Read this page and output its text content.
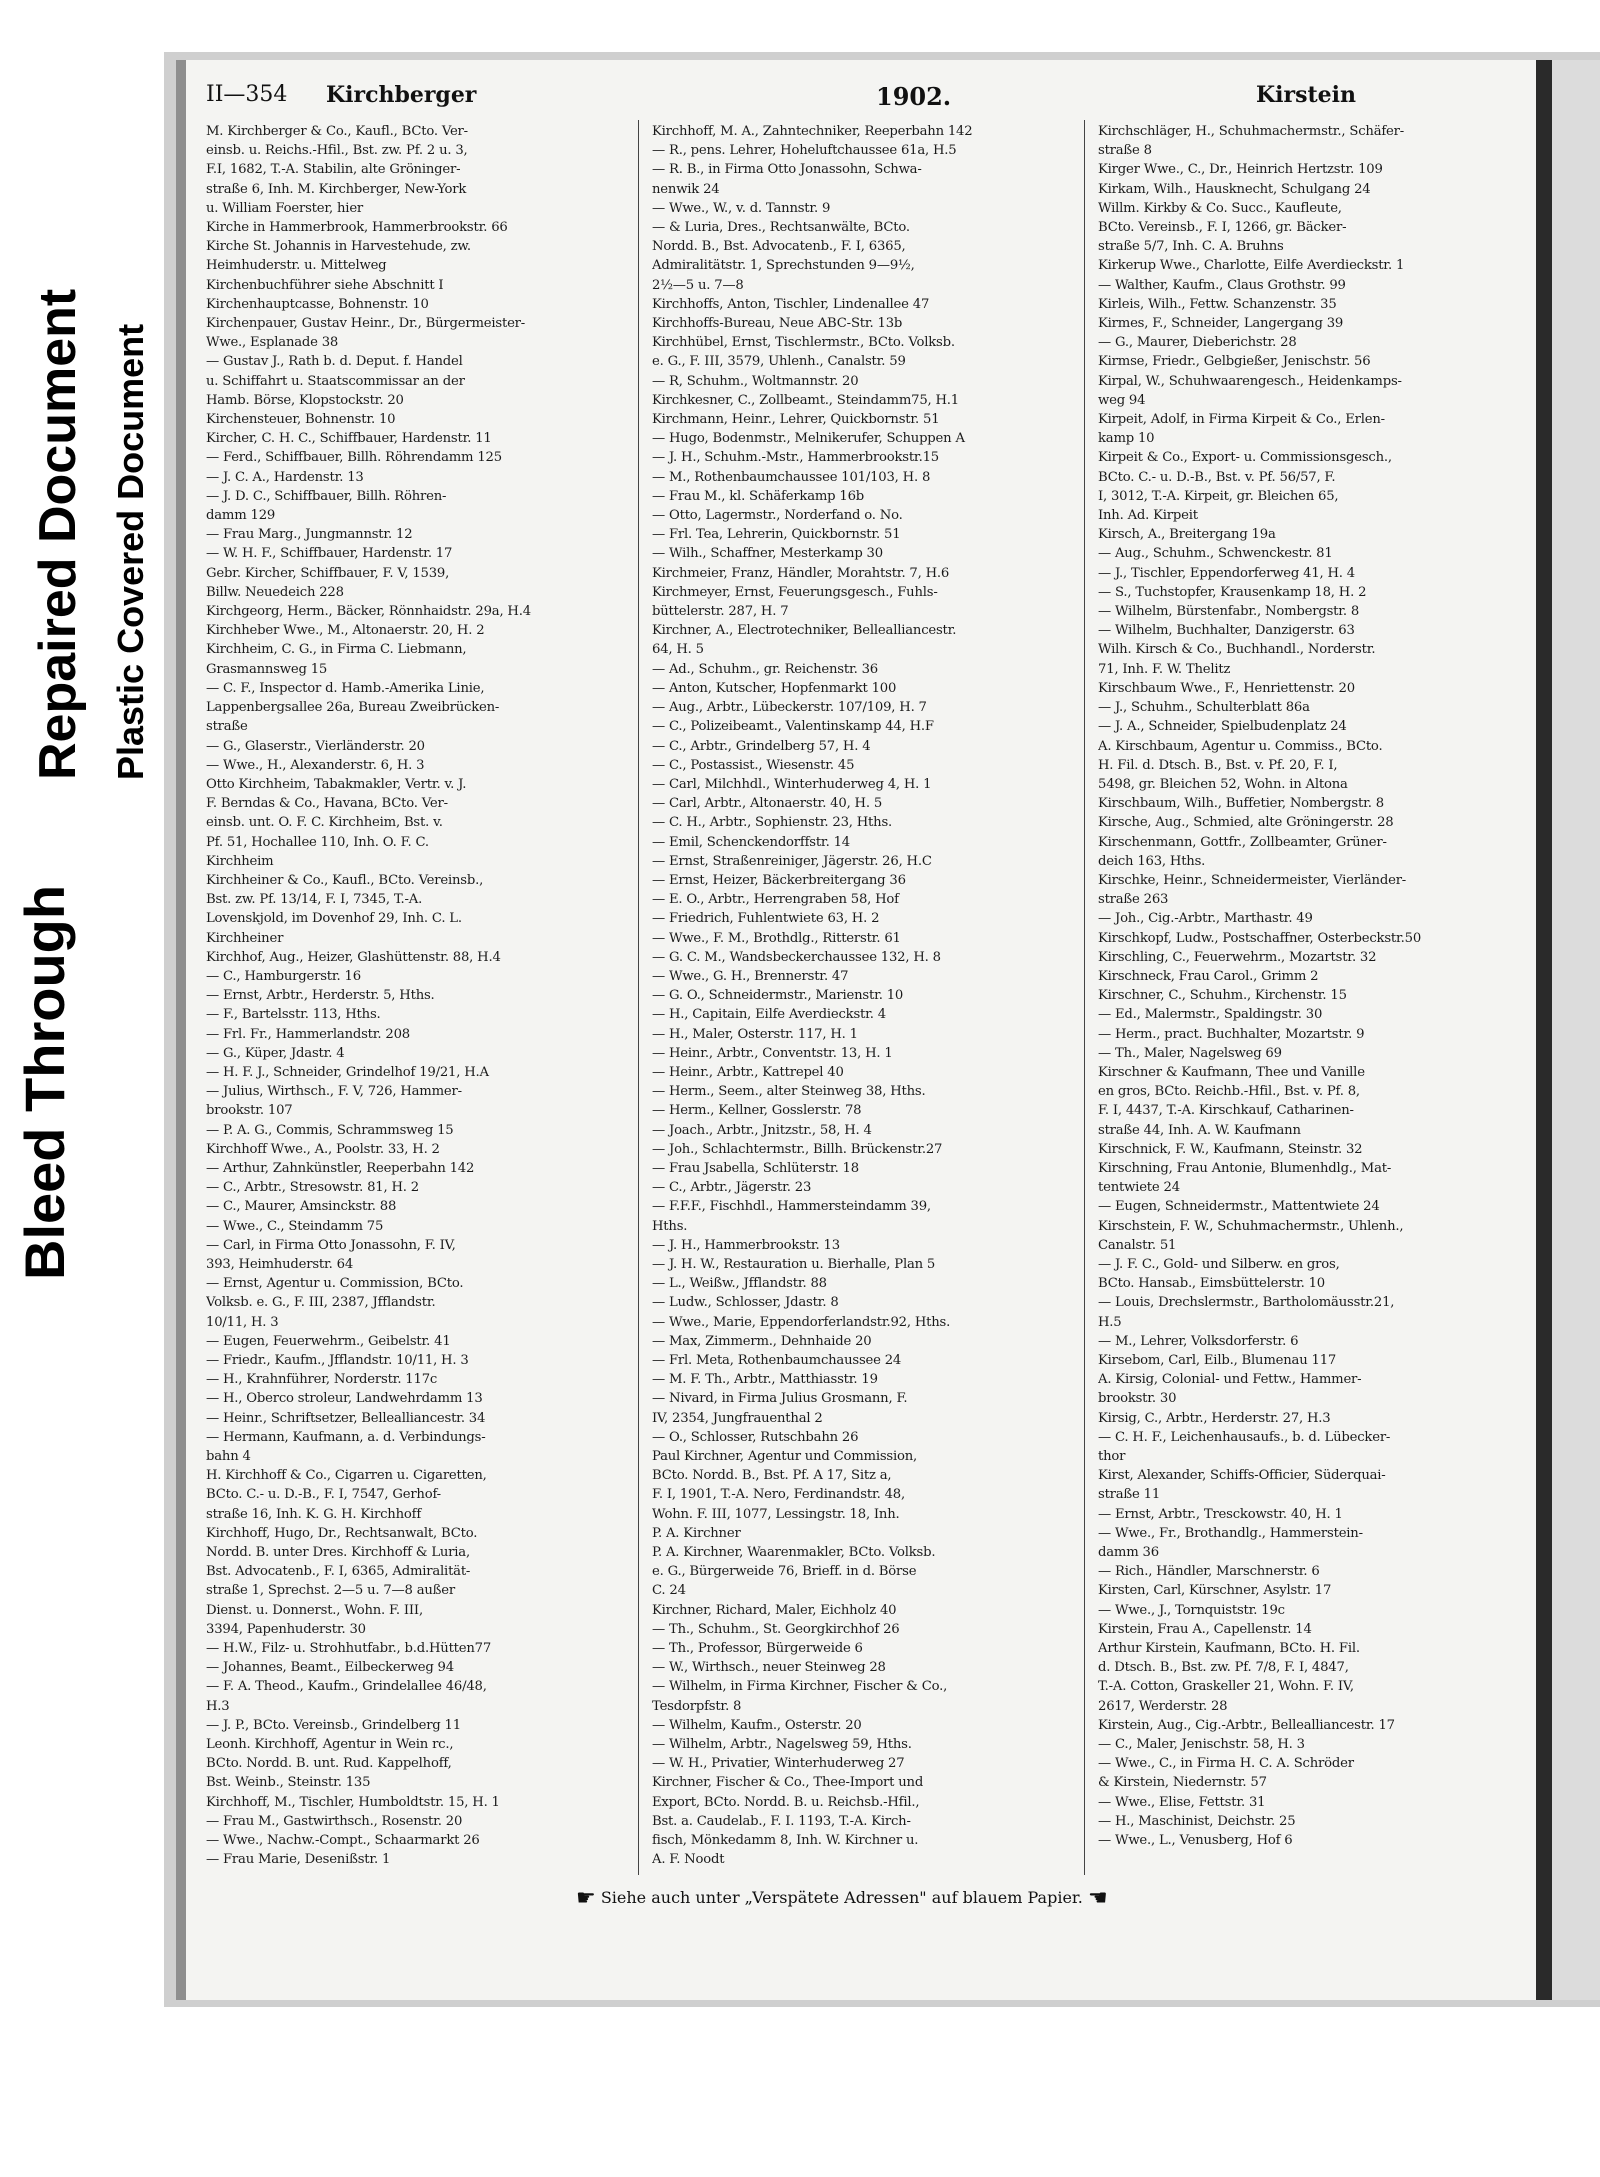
Bleed Through
Repaired Document Plastic Covered Document
II—354 Kirchberger	1902.	Kirstein
M. Kirchberger & Co., Kaufl., BCto. Ver-
einsb. u. Reichs.-Hfil., Bst. zw. Pf. 2 u. 3,
F.I, 1682, T.-A. Stabilin, alte Gröninger-
straße 6, Inh. M. Kirchberger, New-York
u. William Foerster, hier
Kirche in Hammerbrook, Hammerbrookstr. 66
Kirche St. Johannis in Harvestehude, zw.
Heimhuderstr. u. Mittelweg
Kirchenbuchführer siehe Abschnitt I
Kirchenhauptcasse, Bohnenstr. 10
Kirchenpauer, Gustav Heinr., Dr., Bürgermeister-
Wwe., Esplanade 38
— Gustav J., Rath b. d. Deput. f. Handel
u. Schiffahrt u. Staatscommissar an der
Hamb. Börse, Klopstockstr. 20
Kirchensteuer, Bohnenstr. 10
Kircher, C. H. C., Schiffbauer, Hardenstr. 11
— Ferd., Schiffbauer, Billh. Röhrendamm 125
— J. C. A., Hardenstr. 13
— J. D. C., Schiffbauer, Billh. Röhren-
damm 129
— Frau Marg., Jungmannstr. 12
— W. H. F., Schiffbauer, Hardenstr. 17
Gebr. Kircher, Schiffbauer, F. V, 1539,
Billw. Neuedeich 228
Kirchgeorg, Herm., Bäcker, Rönnhaidstr. 29a, H.4
Kirchheber Wwe., M., Altonaerstr. 20, H. 2
Kirchheim, C. G., in Firma C. Liebmann,
Grasmannsweg 15
— C. F., Inspector d. Hamb.-Amerika Linie,
Lappenbergsallee 26a, Bureau Zweibrücken-
straße
— G., Glaserstr., Vierländerstr. 20
— Wwe., H., Alexanderstr. 6, H. 3
Otto Kirchheim, Tabakmakler, Vertr. v. J.
F. Berndas & Co., Havana, BCto. Ver-
einsb. unt. O. F. C. Kirchheim, Bst. v.
Pf. 51, Hochallee 110, Inh. O. F. C.
Kirchheim
Kirchheiner & Co., Kaufl., BCto. Vereinsb.,
Bst. zw. Pf. 13/14, F. I, 7345, T.-A.
Lovenskjold, im Dovenhof 29, Inh. C. L.
Kirchheiner
Kirchhof, Aug., Heizer, Glashüttenstr. 88, H.4
— C., Hamburgerstr. 16
— Ernst, Arbtr., Herderstr. 5, Hths.
— F., Bartelsstr. 113, Hths.
— Frl. Fr., Hammerlandstr. 208
— G., Küper, Jdastr. 4
— H. F. J., Schneider, Grindelhof 19/21, H.A
— Julius, Wirthsch., F. V, 726, Hammer-
brookstr. 107
— P. A. G., Commis, Schrammsweg 15
Kirchhoff Wwe., A., Poolstr. 33, H. 2
— Arthur, Zahnkünstler, Reeperbahn 142
— C., Arbtr., Stresowstr. 81, H. 2
— C., Maurer, Amsinckstr. 88
— Wwe., C., Steindamm 75
— Carl, in Firma Otto Jonassohn, F. IV,
393, Heimhuderstr. 64
— Ernst, Agentur u. Commission, BCto.
Volksb. e. G., F. III, 2387, Jfflandstr.
10/11, H. 3
— Eugen, Feuerwehrm., Geibelstr. 41
— Friedr., Kaufm., Jfflandstr. 10/11, H. 3
— H., Krahnführer, Norderstr. 117c
— H., Oberco stroleur, Landwehrdamm 13
— Heinr., Schriftsetzer, Bellealliancestr. 34
— Hermann, Kaufmann, a. d. Verbindungs-
bahn 4
H. Kirchhoff & Co., Cigarren u. Cigaretten,
BCto. C.- u. D.-B., F. I, 7547, Gerhof-
straße 16, Inh. K. G. H. Kirchhoff
Kirchhoff, Hugo, Dr., Rechtsanwalt, BCto.
Nordd. B. unter Dres. Kirchhoff & Luria,
Bst. Advocatenb., F. I, 6365, Admiralität-
straße 1, Sprechst. 2—5 u. 7—8 außer
Dienst. u. Donnerst., Wohn. F. III,
3394, Papenhuderstr. 30
— H.W., Filz- u. Strohhutfabr., b.d.Hütten77
— Johannes, Beamt., Eilbeckerweg 94
— F. A. Theod., Kaufm., Grindelallee 46/48,
H.3
— J. P., BCto. Vereinsb., Grindelberg 11
Leonh. Kirchhoff, Agentur in Wein rc.,
BCto. Nordd. B. unt. Rud. Kappelhoff,
Bst. Weinb., Steinstr. 135
Kirchhoff, M., Tischler, Humboldtstr. 15, H. 1
— Frau M., Gastwirthsch., Rosenstr. 20
— Wwe., Nachw.-Compt., Schaarmarkt 26
— Frau Marie, Desenißstr. 1
Kirchhoff, M. A., Zahntechniker, Reeperbahn 142
— R., pens. Lehrer, Hoheluftchaussee 61a, H.5
— R. B., in Firma Otto Jonassohn, Schwa-
nenwik 24
— Wwe., W., v. d. Tannstr. 9
— & Luria, Dres., Rechtsanwälte, BCto.
Nordd. B., Bst. Advocatenb., F. I, 6365,
Admiralitätstr. 1, Sprechstunden 9—9½,
2½—5 u. 7—8
Kirchhoffs, Anton, Tischler, Lindenallee 47
Kirchhoffs-Bureau, Neue ABC-Str. 13b
Kirchhübel, Ernst, Tischlermstr., BCto. Volksb.
e. G., F. III, 3579, Uhlenh., Canalstr. 59
— R, Schuhm., Woltmannstr. 20
Kirchkesner, C., Zollbeamt., Steindamm75, H.1
Kirchmann, Heinr., Lehrer, Quickbornstr. 51
— Hugo, Bodenmstr., Melnikerufer, Schuppen A
— J. H., Schuhm.-Mstr., Hammerbrookstr.15
— M., Rothenbaumchaussee 101/103, H. 8
— Frau M., kl. Schäferkamp 16b
— Otto, Lagermstr., Norderfand o. No.
— Frl. Tea, Lehrerin, Quickbornstr. 51
— Wilh., Schaffner, Mesterkamp 30
Kirchmeier, Franz, Händler, Morahtstr. 7, H.6
Kirchmeyer, Ernst, Feuerungsgesch., Fuhls-
büttelerstr. 287, H. 7
Kirchner, A., Electrotechniker, Bellealliancestr.
64, H. 5
— Ad., Schuhm., gr. Reichenstr. 36
— Anton, Kutscher, Hopfenmarkt 100
— Aug., Arbtr., Lübeckerstr. 107/109, H. 7
— C., Polizeibeamt., Valentinskamp 44, H.F
— C., Arbtr., Grindelberg 57, H. 4
— C., Postassist., Wiesenstr. 45
— Carl, Milchhdl., Winterhuderweg 4, H. 1
— Carl, Arbtr., Altonaerstr. 40, H. 5
— C. H., Arbtr., Sophienstr. 23, Hths.
— Emil, Schenckendorffstr. 14
— Ernst, Straßenreiniger, Jägerstr. 26, H.C
— Ernst, Heizer, Bäckerbreitergang 36
— E. O., Arbtr., Herrengraben 58, Hof
— Friedrich, Fuhlentwiete 63, H. 2
— Wwe., F. M., Brothdlg., Ritterstr. 61
— G. C. M., Wandsbeckerchaussee 132, H. 8
— Wwe., G. H., Brennerstr. 47
— G. O., Schneidermstr., Marienstr. 10
— H., Capitain, Eilfe Averdieckstr. 4
— H., Maler, Osterstr. 117, H. 1
— Heinr., Arbtr., Conventstr. 13, H. 1
— Heinr., Arbtr., Kattrepel 40
— Herm., Seem., alter Steinweg 38, Hths.
— Herm., Kellner, Gosslerstr. 78
— Joach., Arbtr., Jnitzstr., 58, H. 4
— Joh., Schlachtermstr., Billh. Brückenstr.27
— Frau Jsabella, Schlüterstr. 18
— C., Arbtr., Jägerstr. 23
— F.F.F., Fischhdl., Hammersteindamm 39,
Hths.
— J. H., Hammerbrookstr. 13
— J. H. W., Restauration u. Bierhalle, Plan 5
— L., Weißw., Jfflandstr. 88
— Ludw., Schlosser, Jdastr. 8
— Wwe., Marie, Eppendorferlandstr.92, Hths.
— Max, Zimmerm., Dehnhaide 20
— Frl. Meta, Rothenbaumchaussee 24
— M. F. Th., Arbtr., Matthiasstr. 19
— Nivard, in Firma Julius Grosmann, F.
IV, 2354, Jungfrauenthal 2
— O., Schlosser, Rutschbahn 26
Paul Kirchner, Agentur und Commission,
BCto. Nordd. B., Bst. Pf. A 17, Sitz a,
F. I, 1901, T.-A. Nero, Ferdinandstr. 48,
Wohn. F. III, 1077, Lessingstr. 18, Inh.
P. A. Kirchner
P. A. Kirchner, Waarenmakler, BCto. Volksb.
e. G., Bürgerweide 76, Brieff. in d. Börse
C. 24
Kirchner, Richard, Maler, Eichholz 40
— Th., Schuhm., St. Georgkirchhof 26
— Th., Professor, Bürgerweide 6
— W., Wirthsch., neuer Steinweg 28
— Wilhelm, in Firma Kirchner, Fischer & Co.,
Tesdorpfstr. 8
— Wilhelm, Kaufm., Osterstr. 20
— Wilhelm, Arbtr., Nagelsweg 59, Hths.
— W. H., Privatier, Winterhuderweg 27
Kirchner, Fischer & Co., Thee-Import und
Export, BCto. Nordd. B. u. Reichsb.-Hfil.,
Bst. a. Caudelab., F. I. 1193, T.-A. Kirch-
fisch, Mönkedamm 8, Inh. W. Kirchner u.
A. F. Noodt
Kirchschläger, H., Schuhmachermstr., Schäfer-
straße 8
Kirger Wwe., C., Dr., Heinrich Hertzstr. 109
Kirkam, Wilh., Hausknecht, Schulgang 24
Willm. Kirkby & Co. Succ., Kaufleute,
BCto. Vereinsb., F. I, 1266, gr. Bäcker-
straße 5/7, Inh. C. A. Bruhns
Kirkerup Wwe., Charlotte, Eilfe Averdieckstr. 1
— Walther, Kaufm., Claus Grothstr. 99
Kirleis, Wilh., Fettw. Schanzenstr. 35
Kirmes, F., Schneider, Langergang 39
— G., Maurer, Dieberichstr. 28
Kirmse, Friedr., Gelbgießer, Jenischstr. 56
Kirpal, W., Schuhwaarengesch., Heidenkamps-
weg 94
Kirpeit, Adolf, in Firma Kirpeit & Co., Erlen-
kamp 10
Kirpeit & Co., Export- u. Commissionsgesch.,
BCto. C.- u. D.-B., Bst. v. Pf. 56/57, F.
I, 3012, T.-A. Kirpeit, gr. Bleichen 65,
Inh. Ad. Kirpeit
Kirsch, A., Breitergang 19a
— Aug., Schuhm., Schwenckestr. 81
— J., Tischler, Eppendorferweg 41, H. 4
— S., Tuchstopfer, Krausenkamp 18, H. 2
— Wilhelm, Bürstenfabr., Nombergstr. 8
— Wilhelm, Buchhalter, Danzigerstr. 63
Wilh. Kirsch & Co., Buchhandl., Norderstr.
71, Inh. F. W. Thelitz
Kirschbaum Wwe., F., Henriettenstr. 20
— J., Schuhm., Schulterblatt 86a
— J. A., Schneider, Spielbudenplatz 24
A. Kirschbaum, Agentur u. Commiss., BCto.
H. Fil. d. Dtsch. B., Bst. v. Pf. 20, F. I,
5498, gr. Bleichen 52, Wohn. in Altona
Kirschbaum, Wilh., Buffetier, Nombergstr. 8
Kirsche, Aug., Schmied, alte Gröningerstr. 28
Kirschenmann, Gottfr., Zollbeamter, Grüner-
deich 163, Hths.
Kirschke, Heinr., Schneidermeister, Vierländer-
straße 263
— Joh., Cig.-Arbtr., Marthastr. 49
Kirschkopf, Ludw., Postschaffner, Osterbeckstr.50
Kirschling, C., Feuerwehrm., Mozartstr. 32
Kirschneck, Frau Carol., Grimm 2
Kirschner, C., Schuhm., Kirchenstr. 15
— Ed., Malermstr., Spaldingstr. 30
— Herm., pract. Buchhalter, Mozartstr. 9
— Th., Maler, Nagelsweg 69
Kirschner & Kaufmann, Thee und Vanille
en gros, BCto. Reichb.-Hfil., Bst. v. Pf. 8,
F. I, 4437, T.-A. Kirschkauf, Catharinen-
straße 44, Inh. A. W. Kaufmann
Kirschnick, F. W., Kaufmann, Steinstr. 32
Kirschning, Frau Antonie, Blumenhdlg., Mat-
tentwiete 24
— Eugen, Schneidermstr., Mattentwiete 24
Kirschstein, F. W., Schuhmachermstr., Uhlenh.,
Canalstr. 51
— J. F. C., Gold- und Silberw. en gros,
BCto. Hansab., Eimsbüttelerstr. 10
— Louis, Drechslermstr., Bartholomäusstr.21,
H.5
— M., Lehrer, Volksdorferstr. 6
Kirsebom, Carl, Eilb., Blumenau 117
A. Kirsig, Colonial- und Fettw., Hammer-
brookstr. 30
Kirsig, C., Arbtr., Herderstr. 27, H.3
— C. H. F., Leichenhausaufs., b. d. Lübecker-
thor
Kirst, Alexander, Schiffs-Officier, Süderquai-
straße 11
— Ernst, Arbtr., Tresckowstr. 40, H. 1
— Wwe., Fr., Brothandlg., Hammerstein-
damm 36
— Rich., Händler, Marschnerstr. 6
Kirsten, Carl, Kürschner, Asylstr. 17
— Wwe., J., Tornquiststr. 19c
Kirstein, Frau A., Capellenstr. 14
Arthur Kirstein, Kaufmann, BCto. H. Fil.
d. Dtsch. B., Bst. zw. Pf. 7/8, F. I, 4847,
T.-A. Cotton, Graskeller 21, Wohn. F. IV,
2617, Werderstr. 28
Kirstein, Aug., Cig.-Arbtr., Bellealliancestr. 17
— C., Maler, Jenischstr. 58, H. 3
— Wwe., C., in Firma H. C. A. Schröder
& Kirstein, Niedernstr. 57
— Wwe., Elise, Fettstr. 31
— H., Maschinist, Deichstr. 25
— Wwe., L., Venusberg, Hof 6
☛ Siehe auch unter „Verspätete Adressen" auf blauem Papier. ☚
